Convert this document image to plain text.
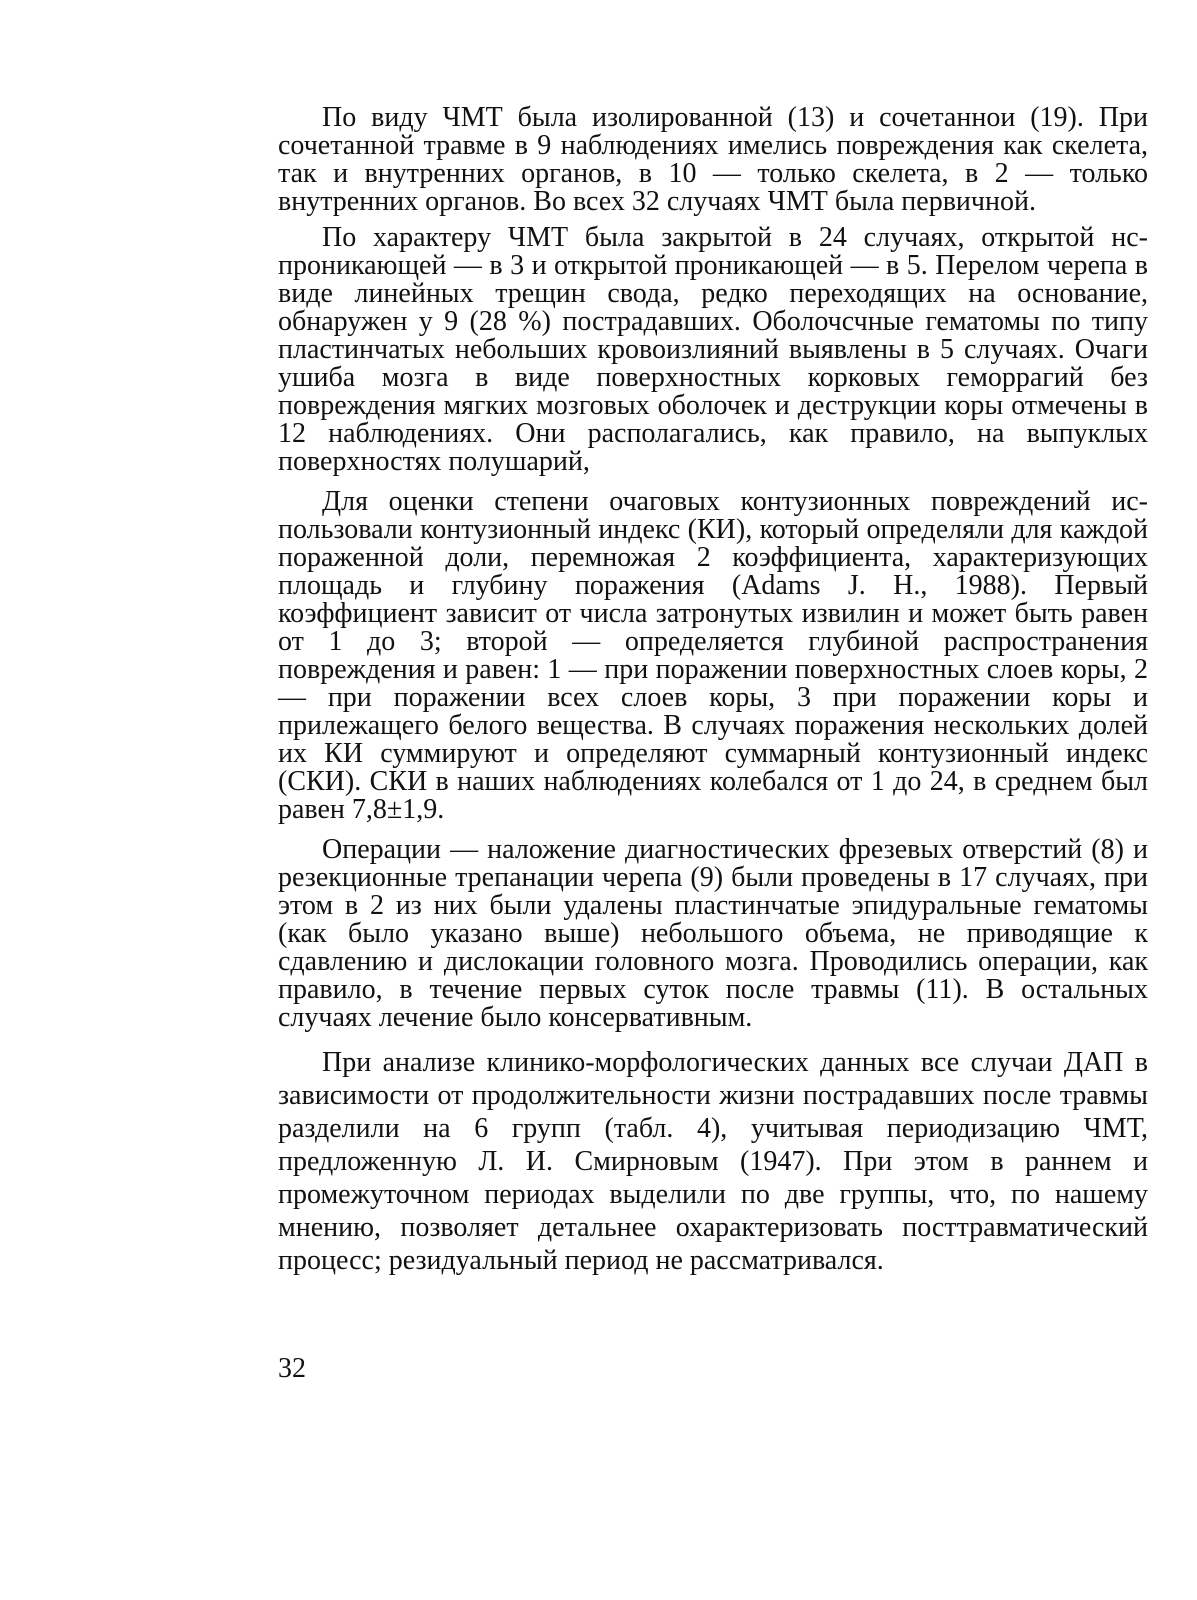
По виду ЧМТ была изолированной (13) и сочетаннои (19). При сочетанной травме в 9 наблюдениях имелись повреждения как скелета, так и внутренних органов, в 10 — только скелета, в 2 — только внутренних органов. Во всех 32 случаях ЧМТ была первичной.

По характеру ЧМТ была закрытой в 24 случаях, открытой нспроникающей — в 3 и открытой проникающей — в 5. Перелом черепа в виде линейных трещин свода, редко переходящих на основание, обнаружен у 9 (28 %) пострадавших. Оболочсчные гематомы по типу пластинчатых небольших кровоизлияний выявлены в 5 случаях. Очаги ушиба мозга в виде поверхностных корковых геморрагий без повреждения мягких мозговых оболочек и деструкции коры отмечены в 12 наблюдениях. Они располагались, как правило, на выпуклых поверхностях полушарий,

Для оценки степени очаговых контузионных повреждений использовали контузионный индекс (КИ), который определяли для каждой пораженной доли, перемножая 2 коэффициента, характеризующих площадь и глубину поражения (Adams J. Н., 1988). Первый коэффициент зависит от числа затронутых извилин и может быть равен от 1 до 3; второй — определяется глубиной распространения повреждения и равен: 1 — при поражении поверхностных слоев коры, 2 — при поражении всех слоев коры, 3 при поражении коры и прилежащего белого вещества. В случаях поражения нескольких долей их КИ суммируют и определяют суммарный контузионный индекс (СКИ). СКИ в наших наблюдениях колебался от 1 до 24, в среднем был равен 7,8±1,9.

Операции — наложение диагностических фрезевых отверстий (8) и резекционные трепанации черепа (9) были проведены в 17 случаях, при этом в 2 из них были удалены пластинчатые эпидуральные гематомы (как было указано выше) небольшого объема, не приводящие к сдавлению и дислокации головного мозга. Проводились операции, как правило, в течение первых суток после травмы (11). В остальных случаях лечение было консервативным.

При анализе клинико-морфологических данных все случаи ДАП в зависимости от продолжительности жизни пострадавших после травмы разделили на 6 групп (табл. 4), учитывая периодизацию ЧМТ, предложенную Л. И. Смирновым (1947). При этом в раннем и промежуточном периодах выделили по две группы, что, по нашему мнению, позволяет детальнее охарактеризовать посттравматический процесс; резидуальный период не рассматривался.

32
